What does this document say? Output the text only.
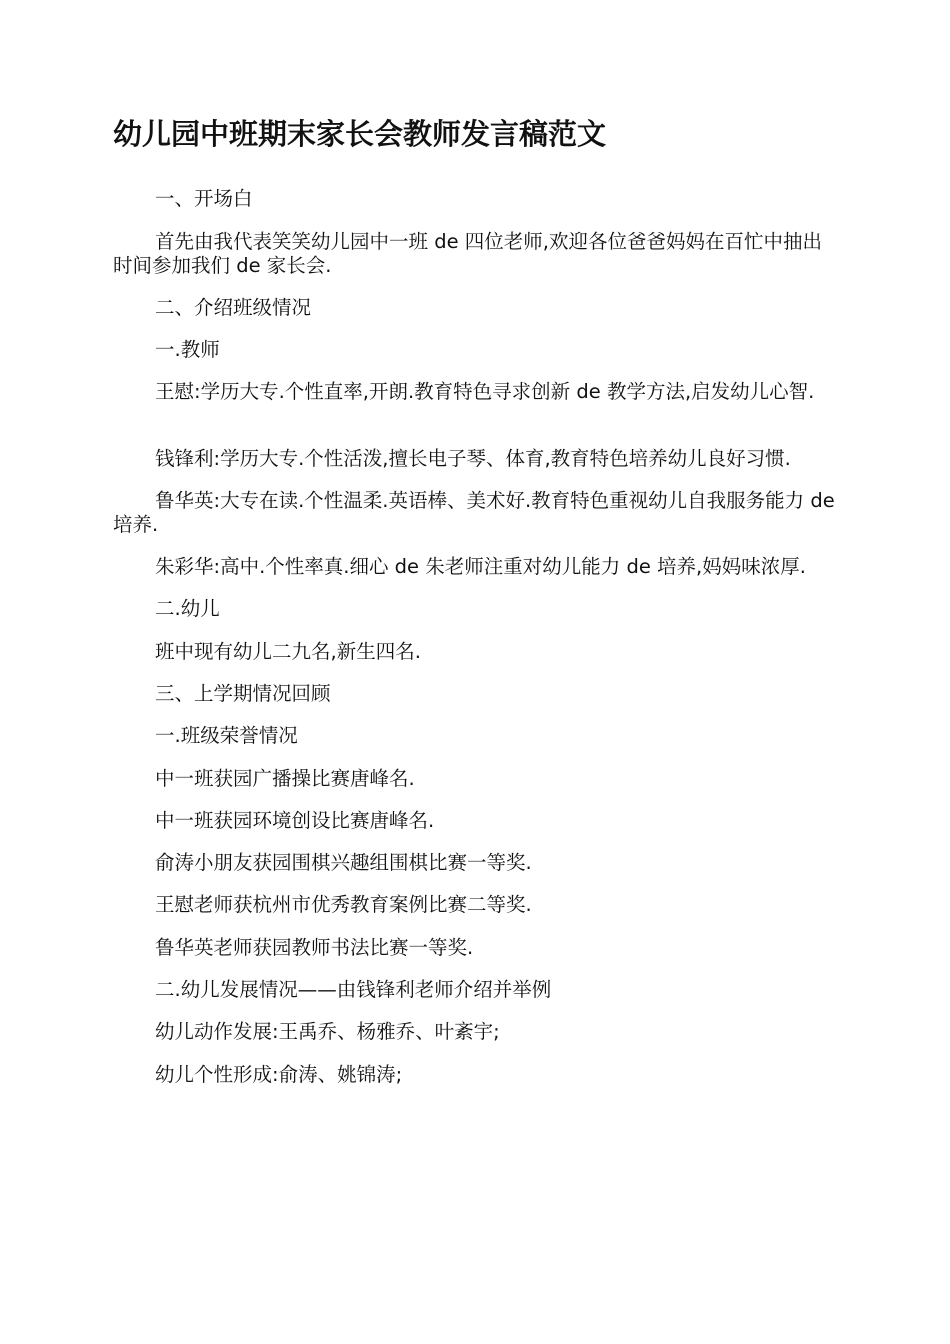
幼儿园中班期末家长会教师发言稿范文

一、开场白

首先由我代表笑笑幼儿园中一班 de 四位老师,欢迎各位爸爸妈妈在百忙中抽出时间参加我们 de 家长会.

二、介绍班级情况

一.教师

王慰:学历大专.个性直率,开朗.教育特色寻求创新 de 教学方法,启发幼儿心智.

钱锋利:学历大专.个性活泼,擅长电子琴、体育,教育特色培养幼儿良好习惯.

鲁华英:大专在读.个性温柔.英语棒、美术好.教育特色重视幼儿自我服务能力 de 培养.

朱彩华:高中.个性率真.细心 de 朱老师注重对幼儿能力 de 培养,妈妈味浓厚.

二.幼儿

班中现有幼儿二九名,新生四名.

三、上学期情况回顾

一.班级荣誉情况

中一班获园广播操比赛唐峰名.

中一班获园环境创设比赛唐峰名.

俞涛小朋友获园围棋兴趣组围棋比赛一等奖.

王慰老师获杭州市优秀教育案例比赛二等奖.

鲁华英老师获园教师书法比赛一等奖.

二.幼儿发展情况——由钱锋利老师介绍并举例

幼儿动作发展:王禹乔、杨雅乔、叶紊宇;

幼儿个性形成:俞涛、姚锦涛;
